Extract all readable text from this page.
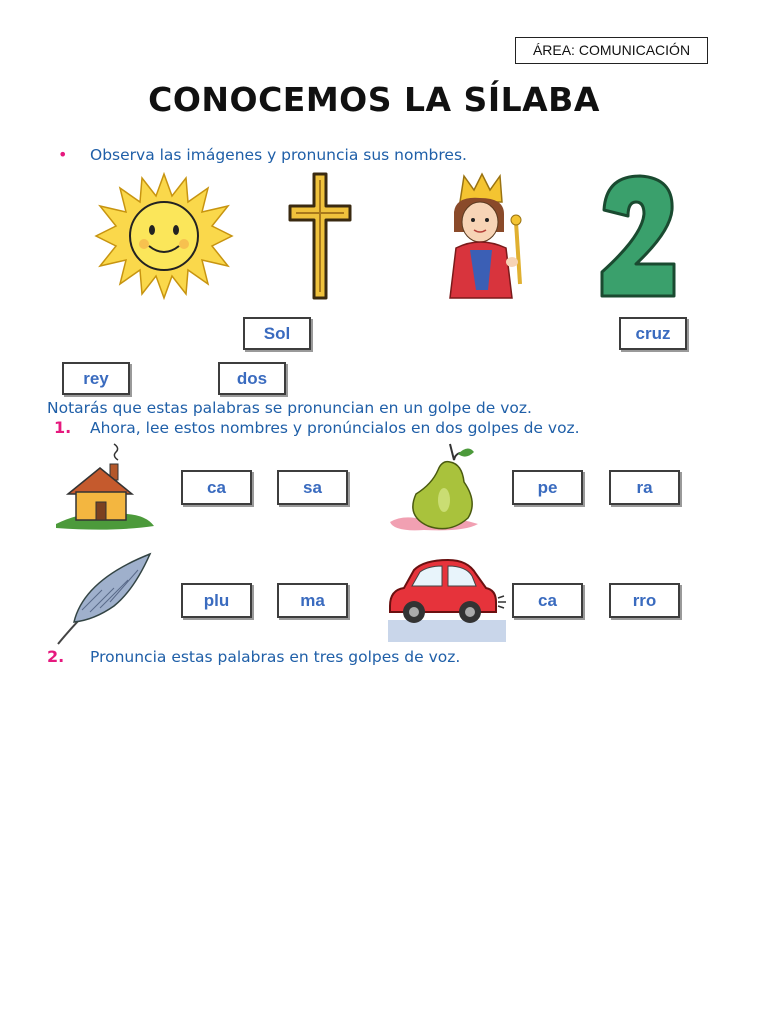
ÁREA: COMUNICACIÓN
CONOCEMOS LA SÍLABA
• Observa las imágenes y pronuncia sus nombres.
Sol	cruz
rey	dos
Notarás que estas palabras se pronuncian en un golpe de voz.
1. Ahora, lee estos nombres y pronúncialos en dos golpes de voz.
ca	sa	pe	ra
plu	ma	ca	rro
2. Pronuncia estas palabras en tres golpes de voz.
